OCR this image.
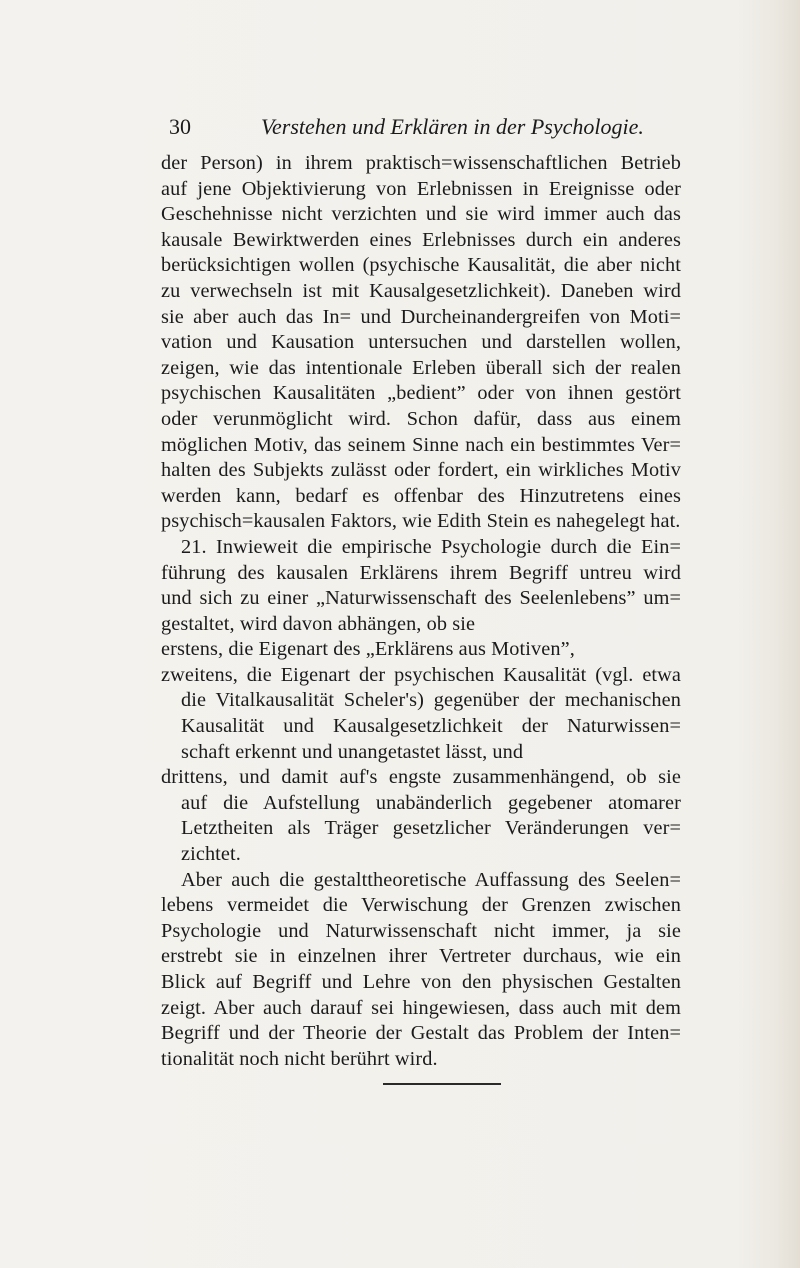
30	Verstehen und Erklären in der Psychologie.
der Person) in ihrem praktisch=wissenschaftlichen Betrieb
auf jene Objektivierung von Erlebnissen in Ereignisse oder
Geschehnisse nicht verzichten und sie wird immer auch das
kausale Bewirktwerden eines Erlebnisses durch ein anderes
berücksichtigen wollen (psychische Kausalität, die aber nicht
zu verwechseln ist mit Kausalgesetzlichkeit). Daneben wird
sie aber auch das In= und Durcheinandergreifen von Moti=
vation und Kausation untersuchen und darstellen wollen,
zeigen, wie das intentionale Erleben überall sich der realen
psychischen Kausalitäten „bedient” oder von ihnen gestört
oder verunmöglicht wird. Schon dafür, dass aus einem
möglichen Motiv, das seinem Sinne nach ein bestimmtes Ver=
halten des Subjekts zulässt oder fordert, ein wirkliches Motiv
werden kann, bedarf es offenbar des Hinzutretens eines
psychisch=kausalen Faktors, wie Edith Stein es nahegelegt hat.
21. Inwieweit die empirische Psychologie durch die Ein=
führung des kausalen Erklärens ihrem Begriff untreu wird
und sich zu einer „Naturwissenschaft des Seelenlebens” um=
gestaltet, wird davon abhängen, ob sie
erstens, die Eigenart des „Erklärens aus Motiven”,
zweitens, die Eigenart der psychischen Kausalität (vgl. etwa
die Vitalkausalität Scheler's) gegenüber der mechanischen
Kausalität und Kausalgesetzlichkeit der Naturwissen=
schaft erkennt und unangetastet lässt, und
drittens, und damit auf's engste zusammenhängend, ob sie
auf die Aufstellung unabänderlich gegebener atomarer
Letztheiten als Träger gesetzlicher Veränderungen ver=
zichtet.
Aber auch die gestalttheoretische Auffassung des Seelen=
lebens vermeidet die Verwischung der Grenzen zwischen
Psychologie und Naturwissenschaft nicht immer, ja sie
erstrebt sie in einzelnen ihrer Vertreter durchaus, wie ein
Blick auf Begriff und Lehre von den physischen Gestalten
zeigt. Aber auch darauf sei hingewiesen, dass auch mit dem
Begriff und der Theorie der Gestalt das Problem der Inten=
tionalität noch nicht berührt wird.
